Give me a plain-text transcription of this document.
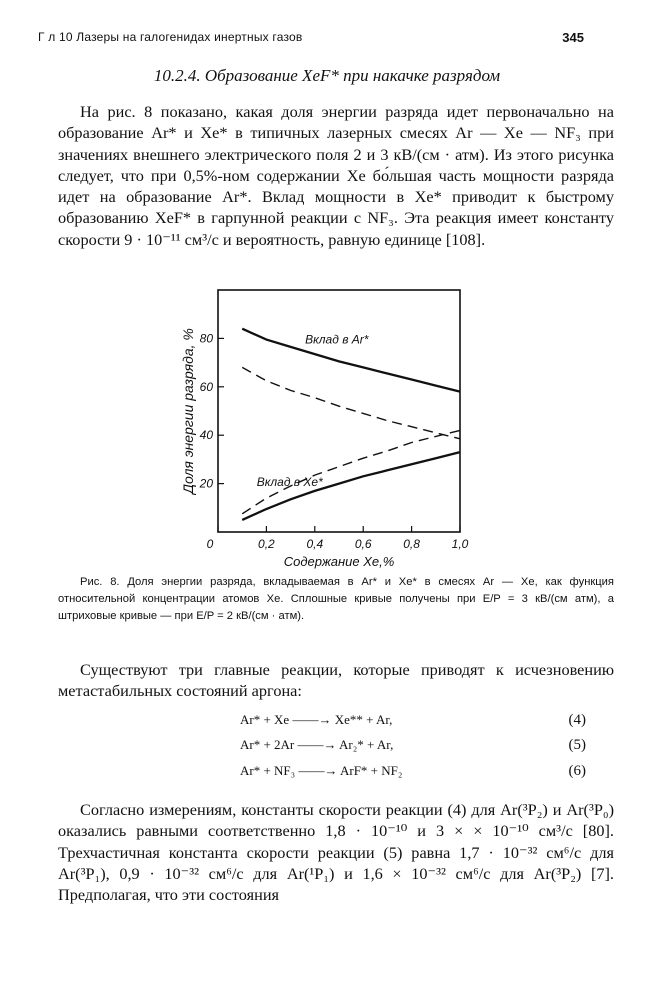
Г л 10 Лазеры на галогенидах инертных газов	345
10.2.4. Образование XeF* при накачке разрядом

На рис. 8 показано, какая доля энергии разряда идет первоначально на образование Ar* и Xe* в типичных лазерных смесях Ar — Xe — NF₃ при значениях внешнего электрического поля 2 и 3 кВ/(см · атм). Из этого рисунка следует, что при 0,5%-ном содержании Xe бо́льшая часть мощности разряда идет на образование Ar*. Вклад мощности в Xe* приводит к быстрому образованию XeF* в гарпунной реакции с NF₃. Эта реакция имеет константу скорости 9 · 10⁻¹¹ см³/с и вероятность, равную единице [108].

0,2	0,4	0,6	0,8	1,0
20
40
60
80	Вклад в Ar*
Вклад в Xe*
Содержание Xe,%
Доля энергии разряда, %
0

Рис. 8. Доля энергии разряда, вкладываемая в Ar* и Xe* в смесях Ar — Xe, как функция относительной концентрации атомов Xe. Сплошные кривые получены при E/P = 3 кВ/(см атм), а штриховые кривые — при E/P = 2 кВ/(см · атм).

Существуют три главные реакции, которые приводят к исчезновению метастабильных состояний аргона:

Ar* + Xe ——→ Xe** + Ar,	(4)
Ar* + 2Ar ——→ Ar₂* + Ar,	(5)
Ar* + NF₃ ——→ ArF* + NF₂	(6)

Согласно измерениям, константы скорости реакции (4) для Ar(³P₂) и Ar(³P₀) оказались равными соответственно 1,8 · 10⁻¹⁰ и 3 × × 10⁻¹⁰ см³/с [80]. Трехчастичная константа скорости реакции (5) равна 1,7 · 10⁻³² см⁶/с для Ar(³P₁), 0,9 · 10⁻³² см⁶/с для Ar(¹P₁) и 1,6 × 10⁻³² см⁶/с для Ar(³P₂) [7]. Предполагая, что эти состояния
